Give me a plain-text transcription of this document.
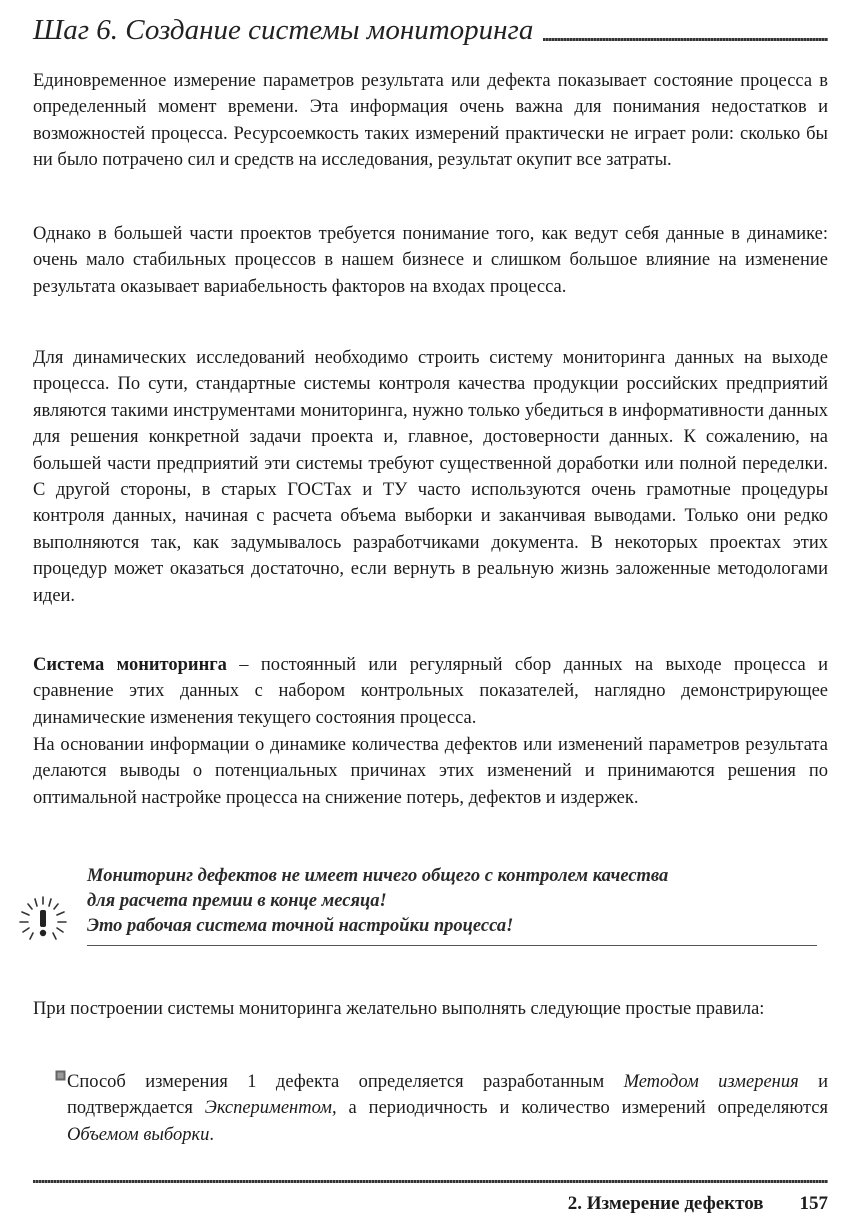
Шаг 6. Создание системы мониторинга

Единовременное измерение параметров результата или дефекта показывает состояние процесса в определенный момент времени. Эта информация очень важна для понимания недостатков и возможностей процесса. Ресурсоемкость таких измерений практически не играет роли: сколько бы ни было потрачено сил и средств на исследования, результат окупит все затраты.

Однако в большей части проектов требуется понимание того, как ведут себя данные в динамике: очень мало стабильных процессов в нашем бизнесе и слишком большое влияние на изменение результата оказывает вариабельность факторов на входах процесса.

Для динамических исследований необходимо строить систему мониторинга данных на выходе процесса. По сути, стандартные системы контроля качества продукции российских предприятий являются такими инструментами мониторинга, нужно только убедиться в информативности данных для решения конкретной задачи проекта и, главное, достоверности данных. К сожалению, на большей части предприятий эти системы требуют существенной доработки или полной переделки. С другой стороны, в старых ГОСТах и ТУ часто используются очень грамотные процедуры контроля данных, начиная с расчета объема выборки и заканчивая выводами. Только они редко выполняются так, как задумывалось разработчиками документа. В некоторых проектах этих процедур может оказаться достаточно, если вернуть в реальную жизнь заложенные методологами идеи.

Система мониторинга – постоянный или регулярный сбор данных на выходе процесса и сравнение этих данных с набором контрольных показателей, наглядно демонстрирующее динамические изменения текущего состояния процесса.

На основании информации о динамике количества дефектов или изменений параметров результата делаются выводы о потенциальных причинах этих изменений и принимаются решения по оптимальной настройке процесса на снижение потерь, дефектов и издержек.

Мониторинг дефектов не имеет ничего общего с контролем качества
для расчета премии в конце месяца!
Это рабочая система точной настройки процесса!

При построении системы мониторинга желательно выполнять следующие простые правила:

Способ измерения 1 дефекта определяется разработанным Методом измерения и подтверждается Экспериментом, а периодичность и количество измерений определяются Объемом выборки.

2. Измерение дефектов 157
